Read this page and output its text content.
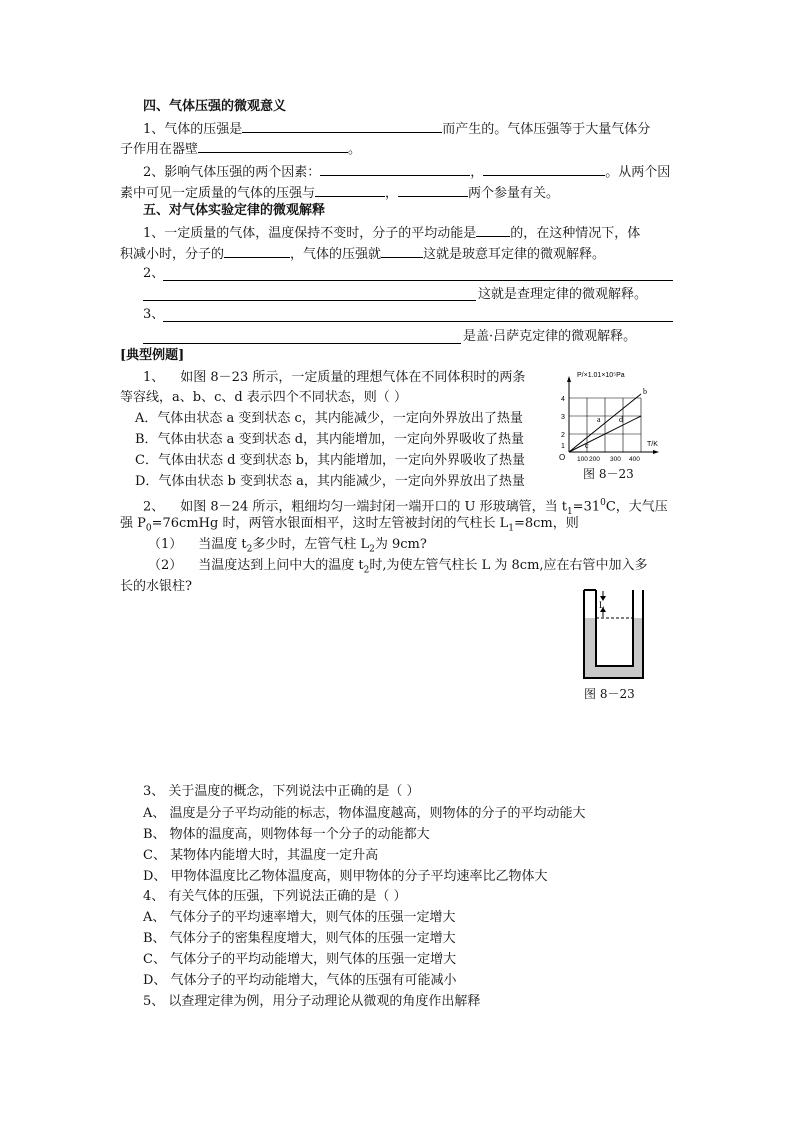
四、气体压强的微观意义
1、气体的压强是	而产生的。气体压强等于大量气体分
子作用在器壁	。
2、影响气体压强的两个因素：	，	。从两个因
素中可见一定质量的气体的压强与	，	两个参量有关。
五、对气体实验定律的微观解释
1、一定质量的气体，温度保持不变时，分子的平均动能是	的，在这种情况下，体
积减小时，分子的	，气体的压强就	这就是玻意耳定律的微观解释。
2、
这就是查理定律的微观解释。
3、
是盖·吕萨克定律的微观解释。
[典型例题]
1、 如图 8－23 所示，一定质量的理想气体在不同体积时的两条
等容线，a、b、c、d 表示四个不同状态，则（ ）
A．气体由状态 a 变到状态 c，其内能减少，一定向外界放出了热量
B．气体由状态 a 变到状态 d，其内能增加，一定向外界吸收了热量
C．气体由状态 d 变到状态 b，其内能增加，一定向外界吸收了热量
D．气体由状态 b 变到状态 a，其内能减少，一定向外界放出了热量
4
3
2
1
O 100 200 300 400
P/×1.01×10⁵Pa
T/K
a
b
c
d
图 8－23
2、 如图 8－24 所示，粗细均匀一端封闭一端开口的 U 形玻璃管，当 $t_1=31^0C$，大气压
强 $P_0=76cmHg$ 时，两管水银面相平，这时左管被封闭的气柱长 $L_1=8cm$，则
（1） 当温度 $t_2$多少时，左管气柱 $L_2$为 9cm?
（2） 当温度达到上问中大的温度 $t_2$时,为使左管气柱长 L 为 8cm,应在右管中加入多
长的水银柱?
L
图 8－23
3、 关于温度的概念，下列说法中正确的是（ ）
A、 温度是分子平均动能的标志，物体温度越高，则物体的分子的平均动能大
B、 物体的温度高，则物体每一个分子的动能都大
C、 某物体内能增大时，其温度一定升高
D、 甲物体温度比乙物体温度高，则甲物体的分子平均速率比乙物体大
4、 有关气体的压强，下列说法正确的是（ ）
A、 气体分子的平均速率增大，则气体的压强一定增大
B、 气体分子的密集程度增大，则气体的压强一定增大
C、 气体分子的平均动能增大，则气体的压强一定增大
D、 气体分子的平均动能增大，气体的压强有可能减小
5、 以查理定律为例，用分子动理论从微观的角度作出解释
